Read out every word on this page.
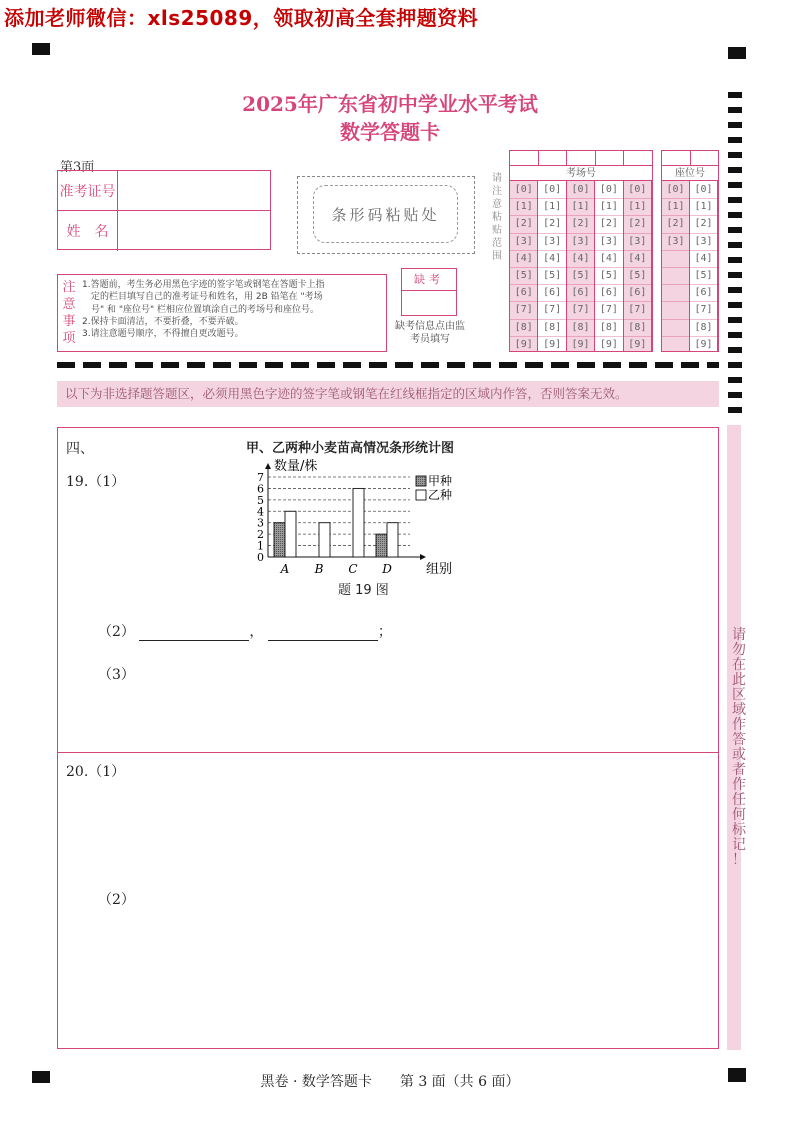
添加老师微信：xls25089，领取初高全套押题资料
2025年广东省初中学业水平考试
数学答题卡
第3面
准考证号
姓　名
条形码粘贴处
请
注
意
粘
贴
范
围
考场号
[0]
[1]
[2]
[3]
[4]
[5]
[6]
[7]
[8]
[9]
[0]
[1]
[2]
[3]
[4]
[5]
[6]
[7]
[8]
[9]
[0]
[1]
[2]
[3]
[4]
[5]
[6]
[7]
[8]
[9]
[0]
[1]
[2]
[3]
[4]
[5]
[6]
[7]
[8]
[9]
[0]
[1]
[2]
[3]
[4]
[5]
[6]
[7]
[8]
[9]
座位号
[0]
[1]
[2]
[3]
[0]
[1]
[2]
[3]
[4]
[5]
[6]
[7]
[8]
[9]
注
意
事
项
1.答题前，考生务必用黑色字迹的签字笔或钢笔在答题卡上指
定的栏目填写自己的准考证号和姓名，用 2B 铅笔在 "考场
号" 和 "座位号" 栏相应位置填涂自己的考场号和座位号。
2.保持卡面清洁，不要折叠，不要弄破。
3.请注意题号顺序，不得擅自更改题号。
缺考
缺考信息点由监考员填写
以下为非选择题答题区，必须用黑色字迹的签字笔或钢笔在红线框指定的区域内作答，否则答案无效。
请
勿
在
此
区
域
作
答
或
者
作
任
何
标
记
！
四、
19.（1）
甲、乙两种小麦苗高情况条形统计图
0
1
2
3
4
5
6
7
数量/株
组别
A B C D
甲种
乙种
题 19 图
（2）	，	；
（3）
20.（1）
（2）
黑卷 · 数学答题卡　　第 3 面（共 6 面）
